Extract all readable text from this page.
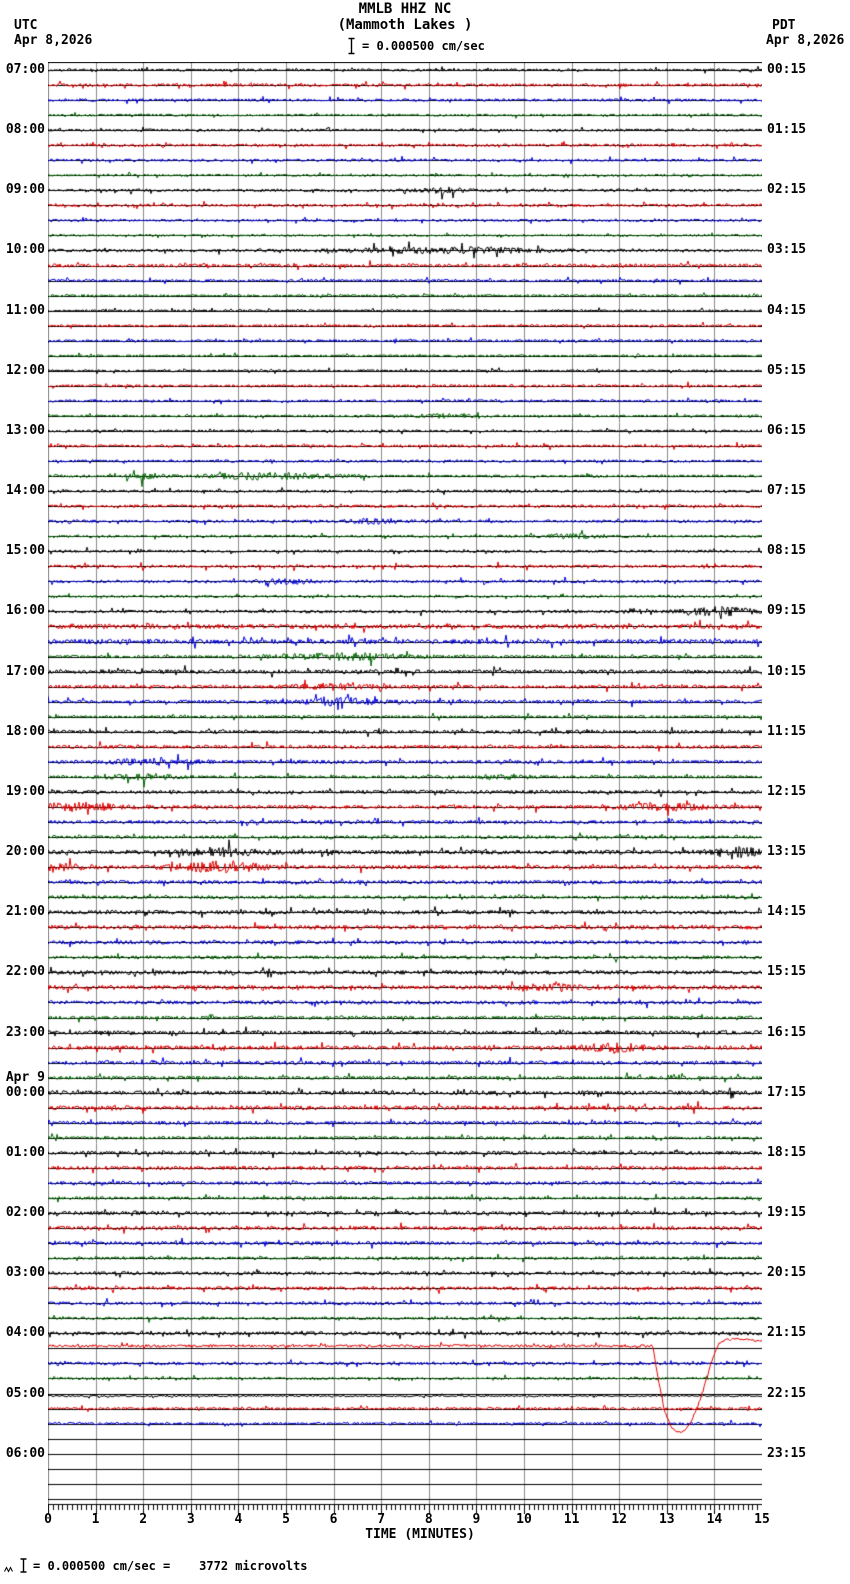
UTC
Apr 8,2026
MMLB HHZ NC
(Mammoth Lakes )
= 0.000500 cm/sec
PDT
Apr 8,2026
07:00	00:15
08:00	01:15
09:00	02:15
10:00	03:15
11:00	04:15
12:00	05:15
13:00	06:15
14:00	07:15
15:00	08:15
16:00	09:15
17:00	10:15
18:00	11:15
19:00	12:15
20:00	13:15
21:00	14:15
22:00	15:15
23:00	16:15
00:00	17:15
Apr 9
01:00	18:15
02:00	19:15
03:00	20:15
04:00	21:15
05:00	22:15
06:00	23:15
0	1	2	3	4	5	6	7	8	9	10	11	12	13	14	15
TIME (MINUTES)
= 0.000500 cm/sec =    3772 microvolts
